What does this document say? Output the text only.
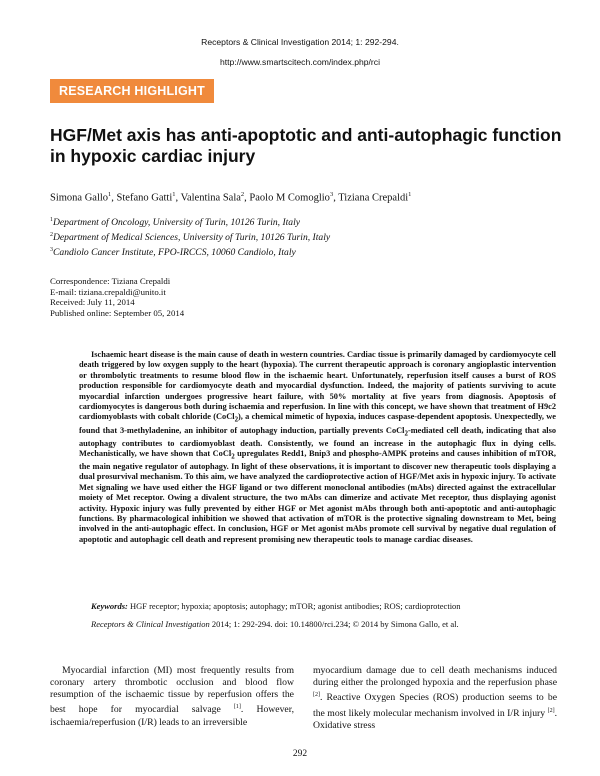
Receptors & Clinical Investigation 2014; 1: 292-294.
http://www.smartscitech.com/index.php/rci
RESEARCH HIGHLIGHT
HGF/Met axis has anti-apoptotic and anti-autophagic function in hypoxic cardiac injury
Simona Gallo$^1$, Stefano Gatti$^1$, Valentina Sala$^2$, Paolo M Comoglio$^3$, Tiziana Crepaldi$^1$
$^1$Department of Oncology, University of Turin, 10126 Turin, Italy
$^2$Department of Medical Sciences, University of Turin, 10126 Turin, Italy
$^3$Candiolo Cancer Institute, FPO-IRCCS, 10060 Candiolo, Italy
Correspondence: Tiziana Crepaldi
E-mail: tiziana.crepaldi@unito.it
Received: July 11, 2014
Published online: September 05, 2014

Ischaemic heart disease is the main cause of death in western countries. Cardiac tissue is primarily damaged by cardiomyocyte cell death triggered by low oxygen supply to the heart (hypoxia). The current therapeutic approach is coronary angioplastic intervention or thrombolytic treatments to resume blood flow in the ischaemic heart. Unfortunately, reperfusion itself causes a burst of ROS production responsible for cardiomyocyte death and myocardial dysfunction. Indeed, the majority of patients surviving to acute myocardial infarction undergoes progressive heart failure, with 50% mortality at five years from diagnosis. Apoptosis of cardiomyocytes is dangerous both during ischaemia and reperfusion. In line with this concept, we have shown that treatment of H9c2 cardiomyoblasts with cobalt chloride (CoCl$_2$), a chemical mimetic of hypoxia, induces caspase-dependent apoptosis. Unexpectedly, we found that 3-methyladenine, an inhibitor of autophagy induction, partially prevents CoCl$_2$-mediated cell death, indicating that also autophagy contributes to cardiomyoblast death. Consistently, we found an increase in the autophagic flux in dying cells. Mechanistically, we have shown that CoCl$_2$ upregulates Redd1, Bnip3 and phospho-AMPK proteins and causes inhibition of mTOR, the main negative regulator of autophagy. In light of these observations, it is important to discover new therapeutic tools displaying a dual prosurvival mechanism. To this aim, we have analyzed the cardioprotective action of HGF/Met axis in hypoxic injury. To activate Met signaling we have used either the HGF ligand or two different monoclonal antibodies (mAbs) directed against the extracellular moiety of Met receptor. Owing a divalent structure, the two mAbs can dimerize and activate Met receptor, thus displaying agonist activity. Hypoxic injury was fully prevented by either HGF or Met agonist mAbs through both anti-apoptotic and anti-autophagic functions. By pharmacological inhibition we showed that activation of mTOR is the protective signaling downstream to Met, being involved in the anti-autophagic effect. In conclusion, HGF or Met agonist mAbs promote cell survival by negative dual regulation of apoptotic and autophagic cell death and represent promising new therapeutic tools to manage cardiac diseases.

Keywords: HGF receptor; hypoxia; apoptosis; autophagy; mTOR; agonist antibodies; ROS; cardioprotection
Receptors & Clinical Investigation 2014; 1: 292-294. doi: 10.14800/rci.234; © 2014 by Simona Gallo, et al.

Myocardial infarction (MI) most frequently results from coronary artery thrombotic occlusion and blood flow resumption of the ischaemic tissue by reperfusion offers the best hope for myocardial salvage [1]. However, ischaemia/reperfusion (I/R) leads to an irreversible

myocardium damage due to cell death mechanisms induced during either the prolonged hypoxia and the reperfusion phase [2]. Reactive Oxygen Species (ROS) production seems to be the most likely molecular mechanism involved in I/R injury [2]. Oxidative stress

292
